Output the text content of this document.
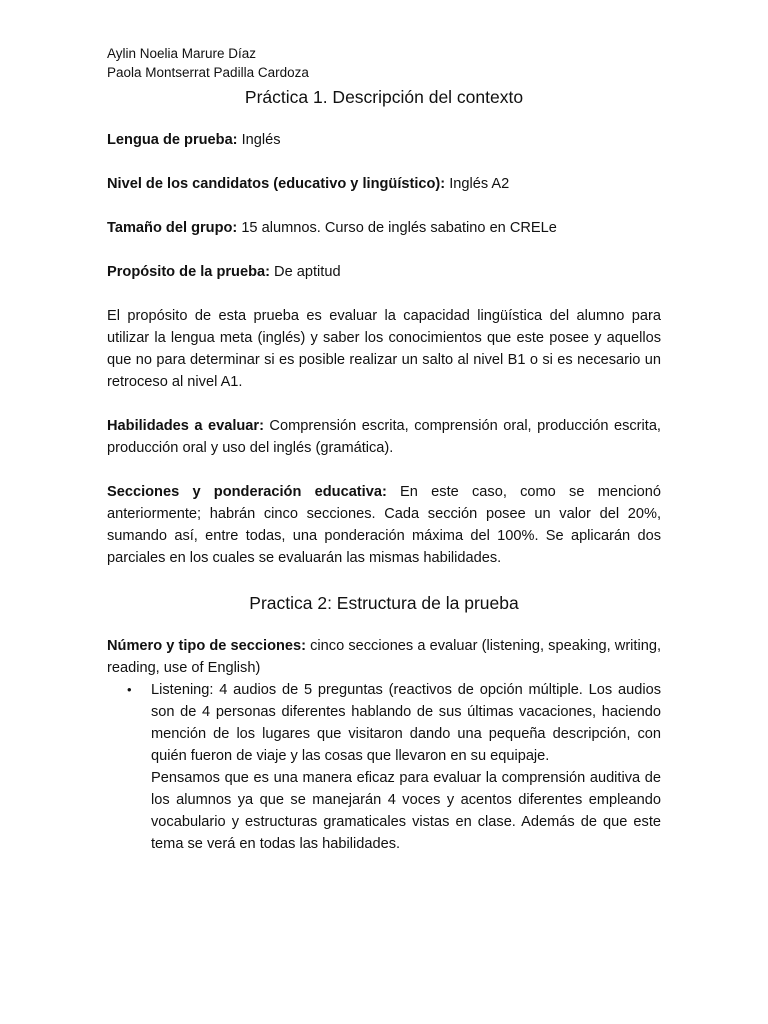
Aylin Noelia Marure Díaz
Paola Montserrat Padilla Cardoza
Práctica 1. Descripción del contexto

Lengua de prueba: Inglés

Nivel de los candidatos (educativo y lingüístico): Inglés A2

Tamaño del grupo: 15 alumnos. Curso de inglés sabatino en CRELe

Propósito de la prueba: De aptitud

El propósito de esta prueba es evaluar la capacidad lingüística del alumno para utilizar la lengua meta (inglés) y saber los conocimientos que este posee y aquellos que no para determinar si es posible realizar un salto al nivel B1 o si es necesario un retroceso al nivel A1.

Habilidades a evaluar: Comprensión escrita, comprensión oral, producción escrita, producción oral y uso del inglés (gramática).

Secciones y ponderación educativa: En este caso, como se mencionó anteriormente; habrán cinco secciones. Cada sección posee un valor del 20%, sumando así, entre todas, una ponderación máxima del 100%. Se aplicarán dos parciales en los cuales se evaluarán las mismas habilidades.

Practica 2: Estructura de la prueba

Número y tipo de secciones: cinco secciones a evaluar (listening, speaking, writing, reading, use of English)

• Listening: 4 audios de 5 preguntas (reactivos de opción múltiple. Los audios son de 4 personas diferentes hablando de sus últimas vacaciones, haciendo mención de los lugares que visitaron dando una pequeña descripción, con quién fueron de viaje y las cosas que llevaron en su equipaje.
Pensamos que es una manera eficaz para evaluar la comprensión auditiva de los alumnos ya que se manejarán 4 voces y acentos diferentes empleando vocabulario y estructuras gramaticales vistas en clase. Además de que este tema se verá en todas las habilidades.
